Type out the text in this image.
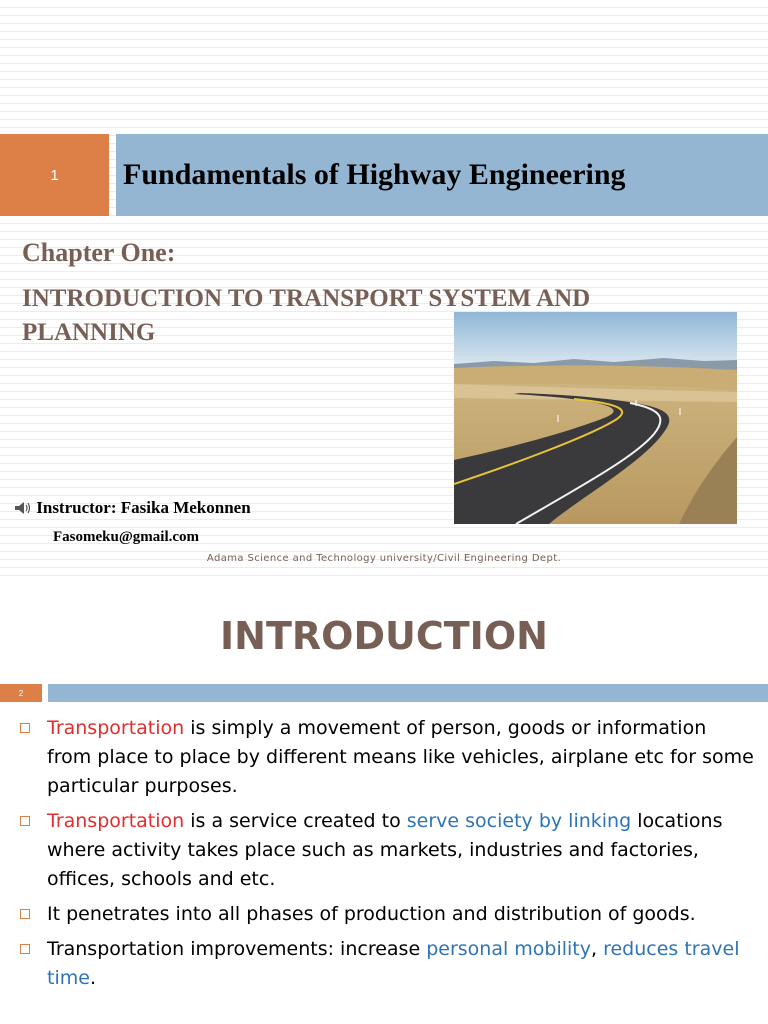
1 Fundamentals of Highway Engineering
Chapter One:
INTRODUCTION TO TRANSPORT SYSTEM AND PLANNING
Instructor: Fasika Mekonnen
Fasomeku@gmail.com
Adama Science and Technology university/Civil Engineering Dept.
INTRODUCTION
2
Transportation is simply a movement of person, goods or information from place to place by different means like vehicles, airplane etc for some particular purposes.
Transportation is a service created to serve society by linking locations where activity takes place such as markets, industries and factories, offices, schools and etc.
It penetrates into all phases of production and distribution of goods.
Transportation improvements: increase personal mobility, reduces travel time.
